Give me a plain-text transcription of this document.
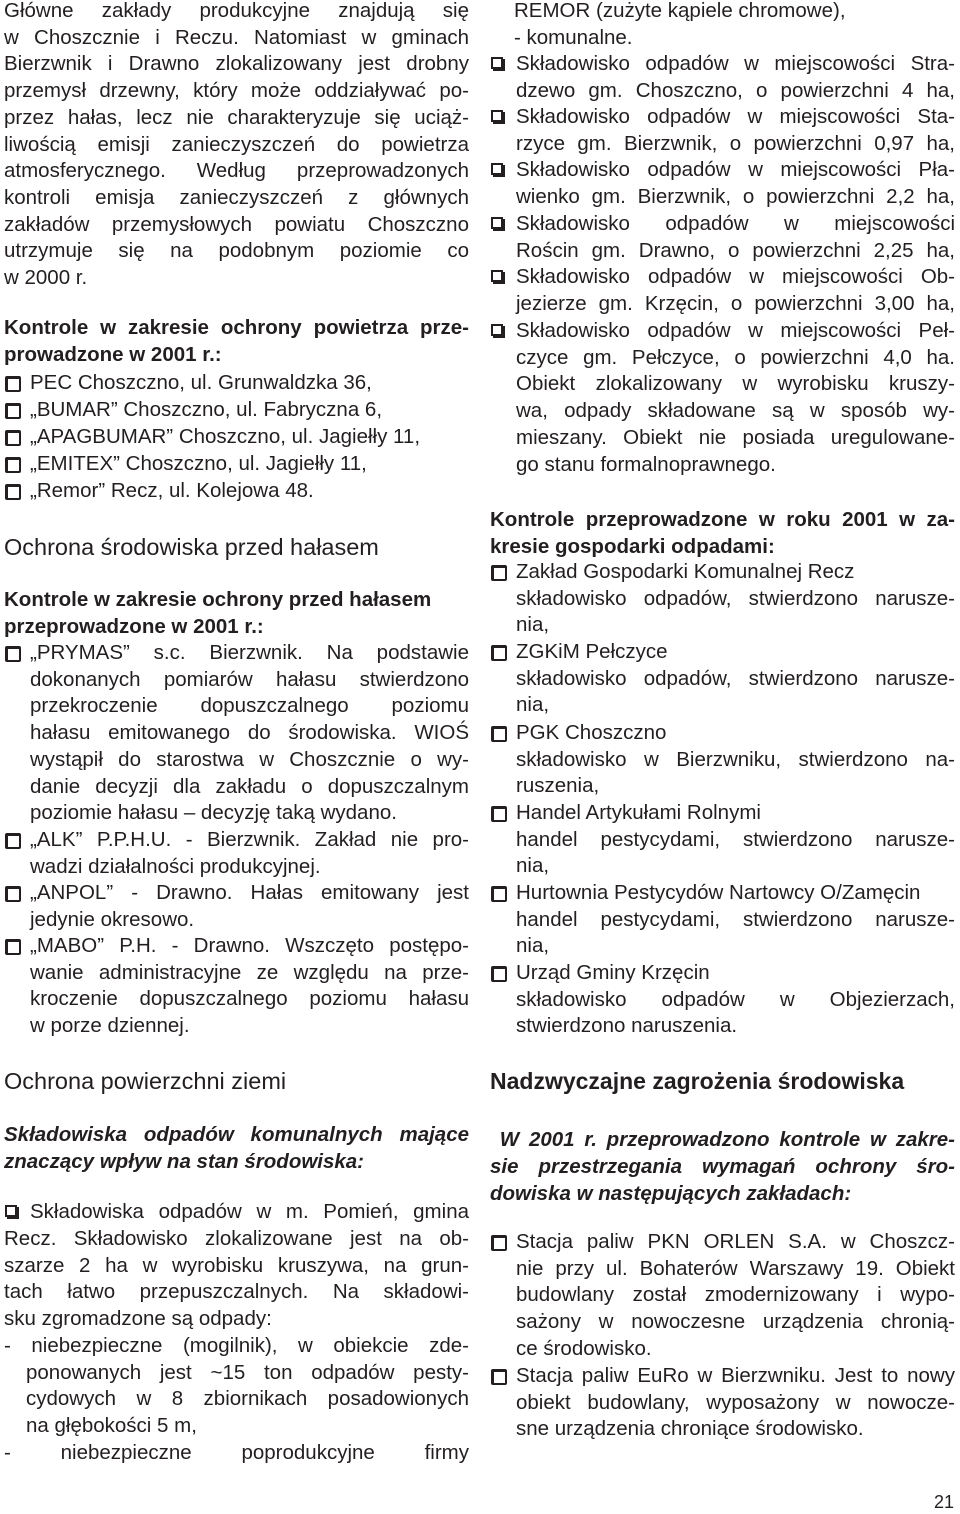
Główne zakłady produkcyjne znajdują się
w Choszcznie i Reczu. Natomiast w gminach
Bierzwnik i Drawno zlokalizowany jest drobny
przemysł drzewny, który może oddziaływać po-
przez hałas, lecz nie charakteryzuje się uciąż-
liwością emisji zanieczyszczeń do powietrza
atmosferycznego. Według przeprowadzonych
kontroli emisja zanieczyszczeń z głównych
zakładów przemysłowych powiatu Choszczno
utrzymuje się na podobnym poziomie co
w 2000 r.
Kontrole w zakresie ochrony powietrza prze-
prowadzone w 2001 r.:
PEC Choszczno, ul. Grunwaldzka 36,
„BUMAR” Choszczno, ul. Fabryczna 6,
„APAGBUMAR” Choszczno, ul. Jagiełły 11,
„EMITEX” Choszczno, ul. Jagiełły 11,
„Remor” Recz, ul. Kolejowa 48.
Ochrona środowiska przed hałasem
Kontrole w zakresie ochrony przed hałasem
przeprowadzone w 2001 r.:
„PRYMAS” s.c. Bierzwnik. Na podstawie
dokonanych pomiarów hałasu stwierdzono
przekroczenie dopuszczalnego poziomu
hałasu emitowanego do środowiska. WIOŚ
wystąpił do starostwa w Choszcznie o wy-
danie decyzji dla zakładu o dopuszczalnym
poziomie hałasu – decyzję taką wydano.
„ALK” P.P.H.U. - Bierzwnik. Zakład nie pro-
wadzi działalności produkcyjnej.
„ANPOL” - Drawno. Hałas emitowany jest
jedynie okresowo.
„MABO” P.H. - Drawno. Wszczęto postępo-
wanie administracyjne ze względu na prze-
kroczenie dopuszczalnego poziomu hałasu
w porze dziennej.
Ochrona powierzchni ziemi
Składowiska odpadów komunalnych mające
znaczący wpływ na stan środowiska:
Składowiska odpadów w m. Pomień, gmina
Recz. Składowisko zlokalizowane jest na ob-
szarze 2 ha w wyrobisku kruszywa, na grun-
tach łatwo przepuszczalnych. Na składowi-
sku zgromadzone są odpady:
- niebezpieczne (mogilnik), w obiekcie zde-
ponowanych jest ~15 ton odpadów pesty-
cydowych w 8 zbiornikach posadowionych
na głębokości 5 m,
- niebezpieczne poprodukcyjne firmy
REMOR (zużyte kąpiele chromowe),
- komunalne.
Składowisko odpadów w miejscowości Stra-
dzewo gm. Choszczno, o powierzchni 4 ha,
Składowisko odpadów w miejscowości Sta-
rzyce gm. Bierzwnik, o powierzchni 0,97 ha,
Składowisko odpadów w miejscowości Pła-
wienko gm. Bierzwnik, o powierzchni 2,2 ha,
Składowisko odpadów w miejscowości
Rościn gm. Drawno, o powierzchni 2,25 ha,
Składowisko odpadów w miejscowości Ob-
jezierze gm. Krzęcin, o powierzchni 3,00 ha,
Składowisko odpadów w miejscowości Peł-
czyce gm. Pełczyce, o powierzchni 4,0 ha.
Obiekt zlokalizowany w wyrobisku kruszy-
wa, odpady składowane są w sposób wy-
mieszany. Obiekt nie posiada uregulowane-
go stanu formalnoprawnego.
Kontrole przeprowadzone w roku 2001 w za-
kresie gospodarki odpadami:
Zakład Gospodarki Komunalnej Recz
składowisko odpadów, stwierdzono narusze-
nia,
ZGKiM Pełczyce
składowisko odpadów, stwierdzono narusze-
nia,
PGK Choszczno
składowisko w Bierzwniku, stwierdzono na-
ruszenia,
Handel Artykułami Rolnymi
handel pestycydami, stwierdzono narusze-
nia,
Hurtownia Pestycydów Nartowcy O/Zamęcin
handel pestycydami, stwierdzono narusze-
nia,
Urząd Gminy Krzęcin
składowisko odpadów w Objezierzach,
stwierdzono naruszenia.
Nadzwyczajne zagrożenia środowiska
W 2001 r. przeprowadzono kontrole w zakre-
sie przestrzegania wymagań ochrony śro-
dowiska w następujących zakładach:
Stacja paliw PKN ORLEN S.A. w Choszcz-
nie przy ul. Bohaterów Warszawy 19. Obiekt
budowlany został zmodernizowany i wypo-
sażony w nowoczesne urządzenia chronią-
ce środowisko.
Stacja paliw EuRo w Bierzwniku. Jest to nowy
obiekt budowlany, wyposażony w nowocze-
sne urządzenia chroniące środowisko.
21
